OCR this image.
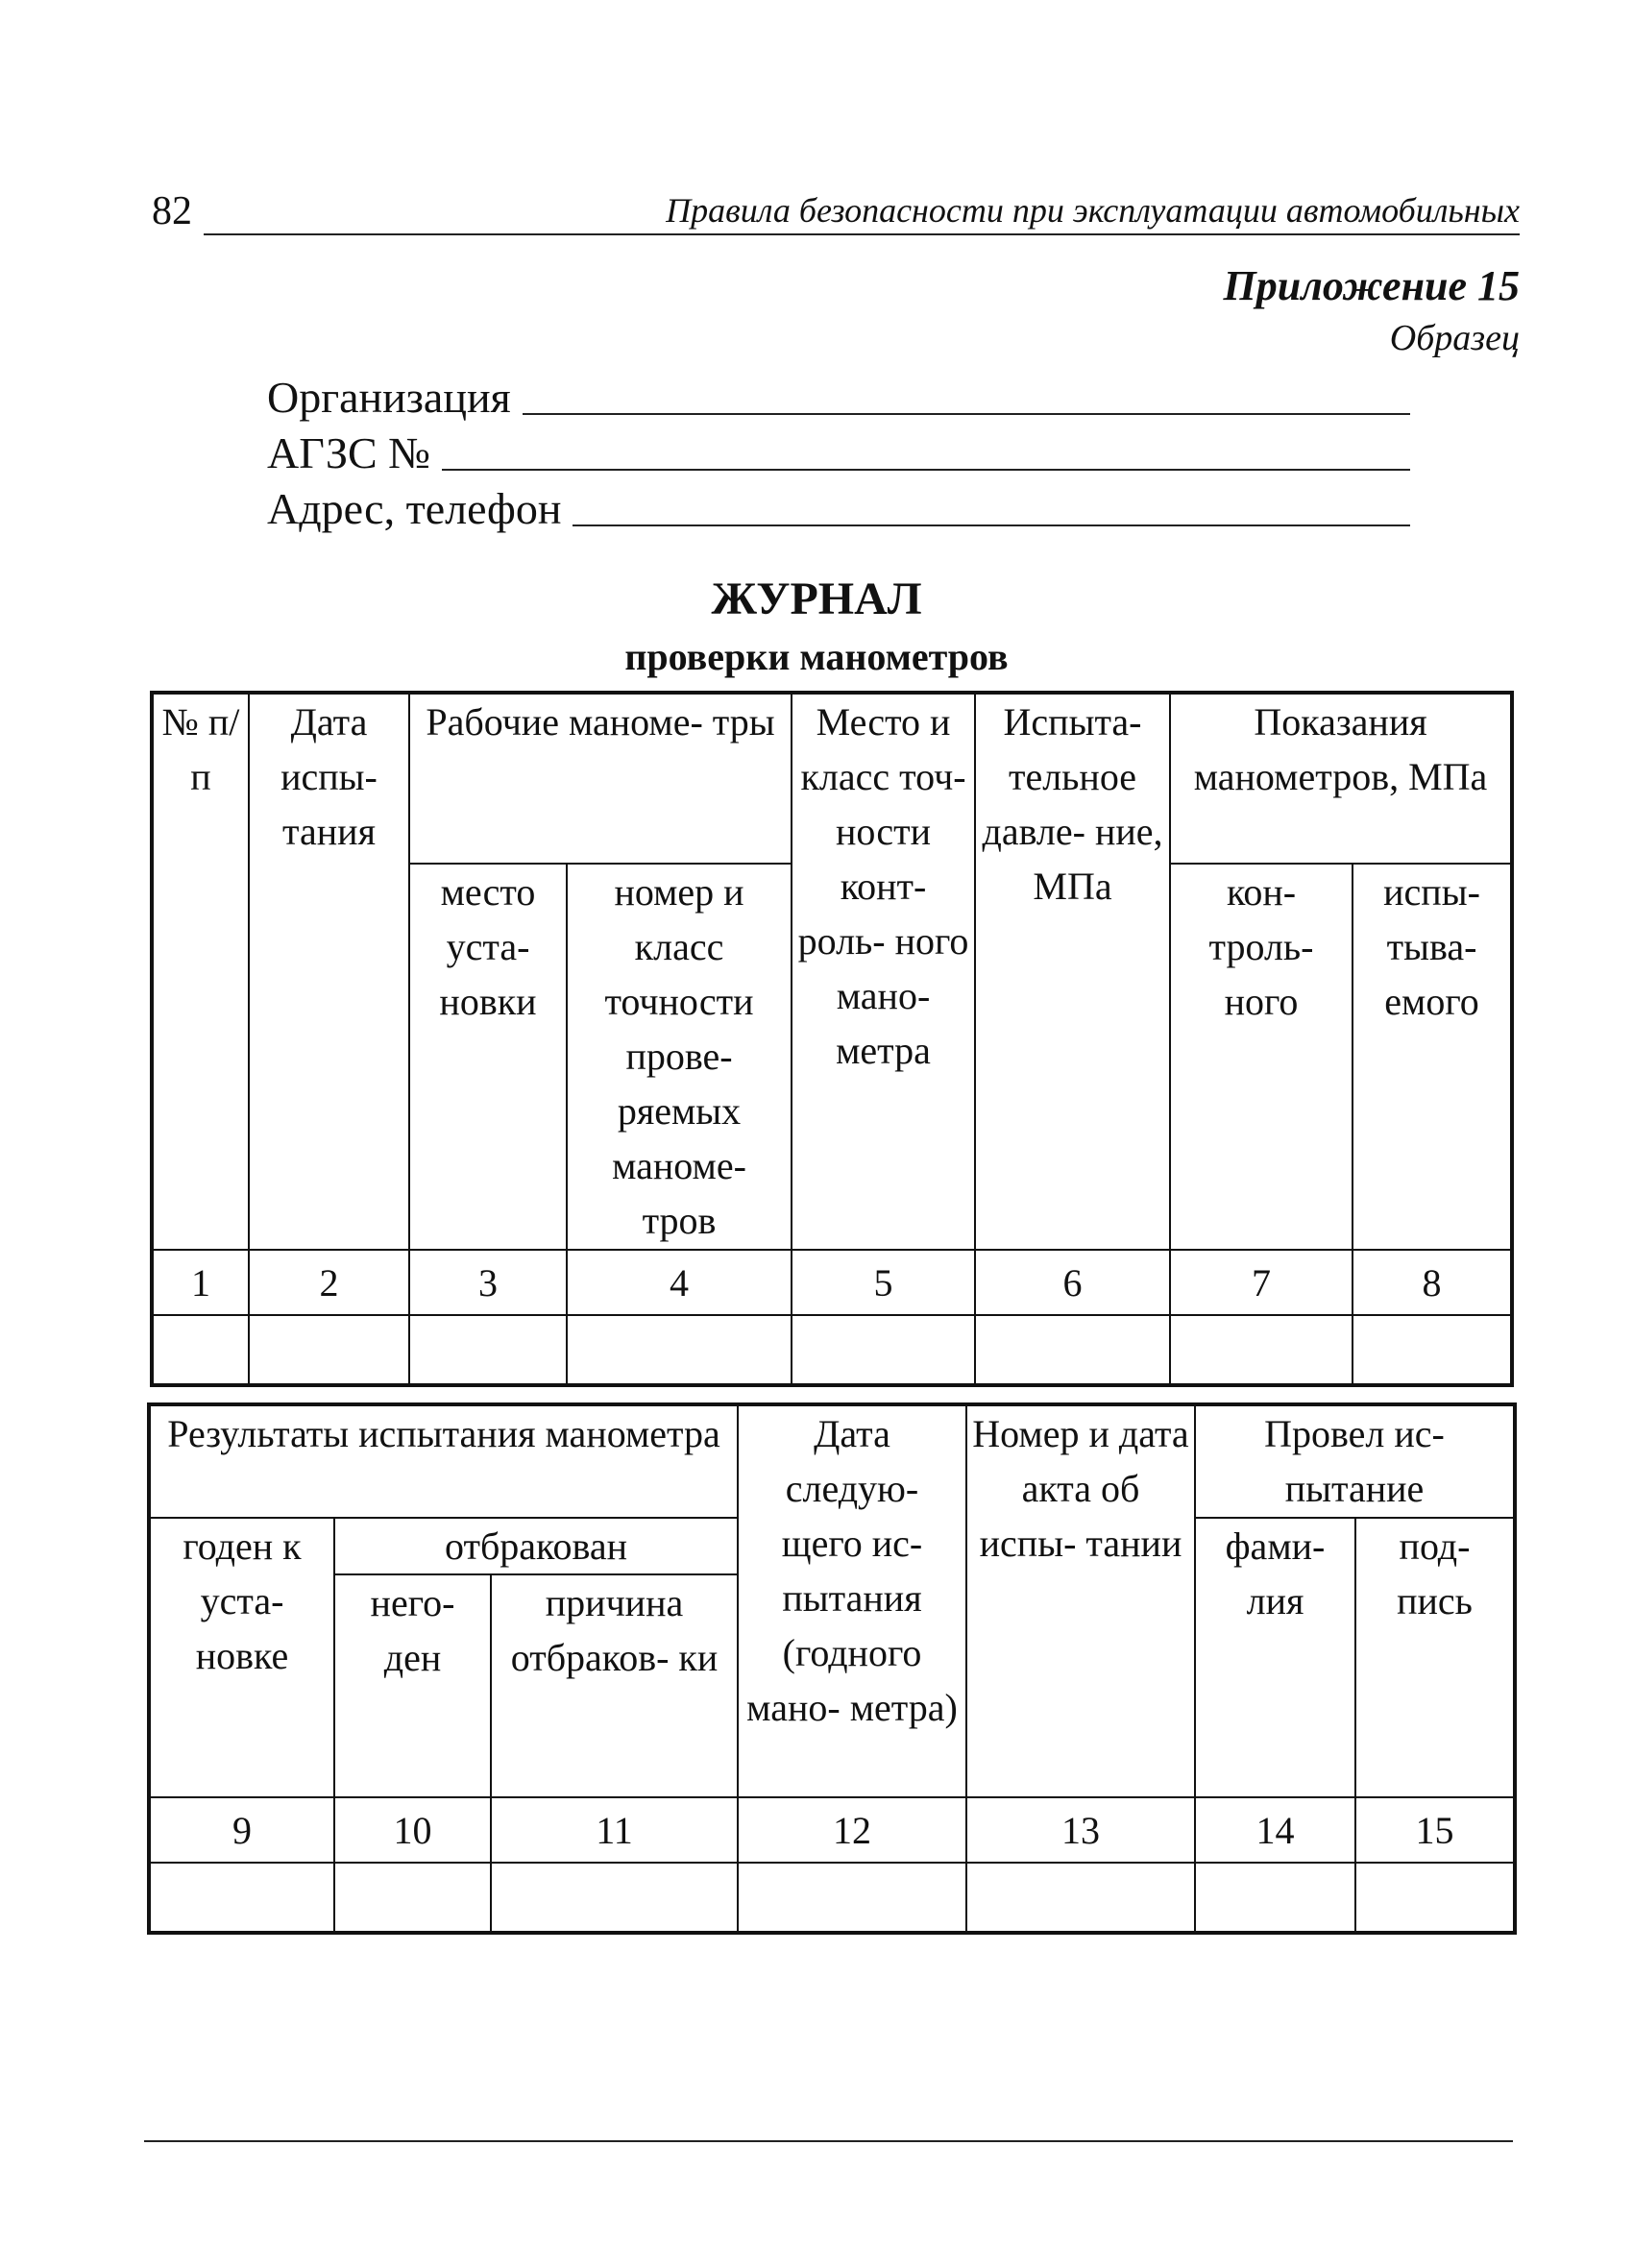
82	Правила безопасности при эксплуатации автомобильных
Приложение 15
Образец
Организация
АГЗС №
Адрес, телефон
ЖУРНАЛ
проверки манометров
№ п/п	Дата испы- тания	Рабочие маноме- тры		Место и класс точ- ности конт- роль- ного мано- метра	Испыта- тельное давле- ние, МПа	Показания манометров, МПа	
		место уста- новки	номер и класс точности прове- ряемых маноме- тров			кон- троль- ного	испы- тыва- емого
1	2	3	4	5	6	7	8

Результаты испытания манометра			Дата следую- щего ис- пытания (годного мано- метра)	Номер и дата акта об испы- тании	Провел ис- пытание	
годен к уста- новке	отбракован				фами- лия	под- пись
	него- ден	причина отбраков- ки				
9	10	11	12	13	14	15
